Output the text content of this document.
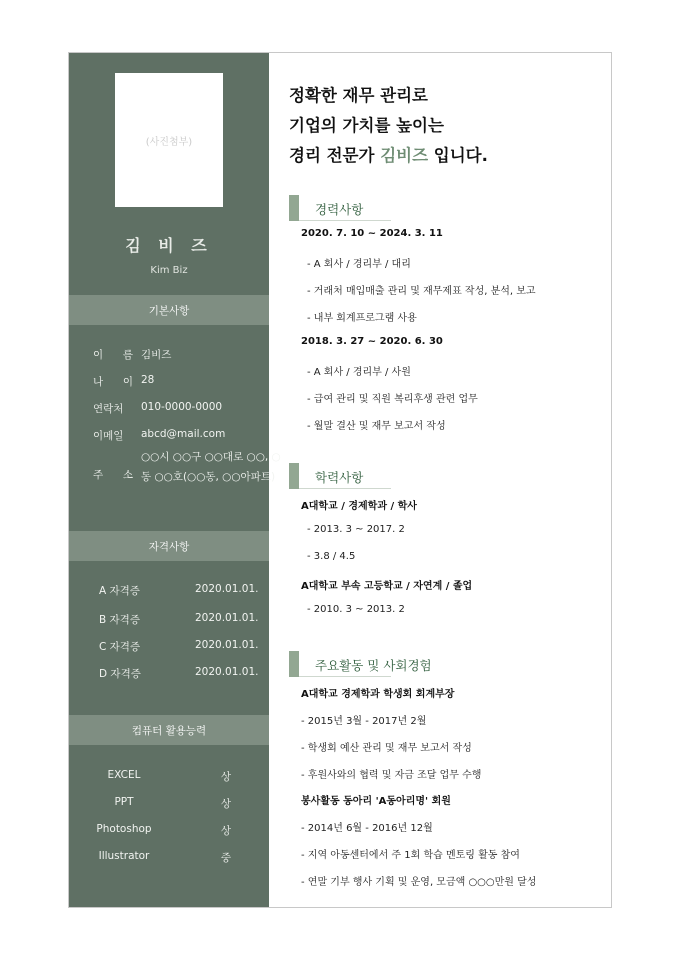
(사진첨부)
김 비 즈
Kim Biz
기본사항
이 름 김비즈
나 이 28
연락처	010-0000-0000
이메일	abcd@mail.com
주 소
○○시 ○○구 ○○대로 ○○, ○동 ○○호(○○동, ○○아파트)
자격사항
A 자격증	2020.01.01.
B 자격증	2020.01.01.
C 자격증	2020.01.01.
D 자격증	2020.01.01.
컴퓨터 활용능력
EXCEL	상
PPT	상
Photoshop	상
Illustrator	중
정확한 재무 관리로
기업의 가치를 높이는
경리 전문가 김비즈 입니다.
경력사항
2020. 7. 10 ~ 2024. 3. 11
- A 회사 / 경리부 / 대리
- 거래처 매입매출 관리 및 재무제표 작성, 분석, 보고
- 내부 회계프로그램 사용
2018. 3. 27 ~ 2020. 6. 30
- A 회사 / 경리부 / 사원
- 급여 관리 및 직원 복리후생 관련 업무
- 월말 결산 및 재무 보고서 작성
학력사항
A대학교 / 경제학과 / 학사
- 2013. 3 ~ 2017. 2
- 3.8 / 4.5
A대학교 부속 고등학교 / 자연계 / 졸업
- 2010. 3 ~ 2013. 2
주요활동 및 사회경험
A대학교 경제학과 학생회 회계부장
- 2015년 3월 - 2017년 2월
- 학생회 예산 관리 및 재무 보고서 작성
- 후원사와의 협력 및 자금 조달 업무 수행
봉사활동 동아리 'A동아리명' 회원
- 2014년 6월 - 2016년 12월
- 지역 아동센터에서 주 1회 학습 멘토링 활동 참여
- 연말 기부 행사 기획 및 운영, 모금액 ○○○만원 달성
